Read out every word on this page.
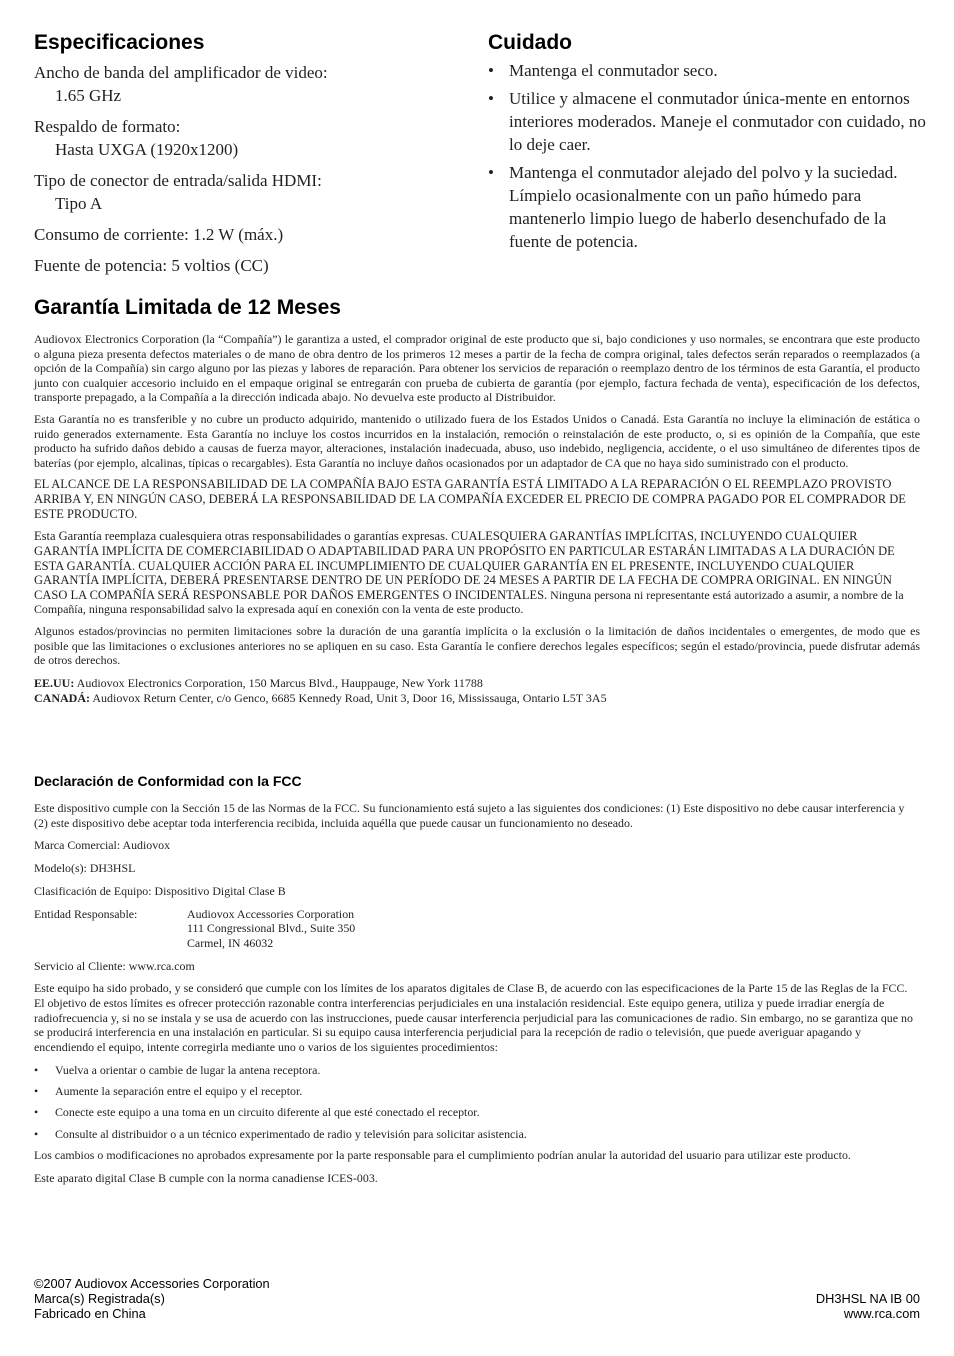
Especificaciones
Ancho de banda del amplificador de video:
1.65 GHz
Respaldo de formato:
Hasta UXGA (1920x1200)
Tipo de conector de entrada/salida HDMI:
Tipo A
Consumo de corriente: 1.2 W (máx.)
Fuente de potencia: 5 voltios (CC)
Cuidado
• Mantenga el conmutador seco.
• Utilice y almacene el conmutador única-mente en entornos interiores moderados. Maneje el conmutador con cuidado, no lo deje caer.
• Mantenga el conmutador alejado del polvo y la suciedad. Límpielo ocasionalmente con un paño húmedo para mantenerlo limpio luego de haberlo desenchufado de la fuente de potencia.
Garantía Limitada de 12 Meses
Audiovox Electronics Corporation (la “Compañía”) le garantiza a usted, el comprador original de este producto que si, bajo condiciones y uso normales, se encontrara que este producto o alguna pieza presenta defectos materiales o de mano de obra dentro de los primeros 12 meses a partir de la fecha de compra original, tales defectos serán reparados o reemplazados (a opción de la Compañía) sin cargo alguno por las piezas y labores de reparación. Para obtener los servicios de reparación o reemplazo dentro de los términos de esta Garantía, el producto junto con cualquier accesorio incluido en el empaque original se entregarán con prueba de cubierta de garantía (por ejemplo, factura fechada de venta), especificación de los defectos, transporte prepagado, a la Compañía a la dirección indicada abajo. No devuelva este producto al Distribuidor.
Esta Garantía no es transferible y no cubre un producto adquirido, mantenido o utilizado fuera de los Estados Unidos o Canadá. Esta Garantía no incluye la eliminación de estática o ruido generados externamente. Esta Garantía no incluye los costos incurridos en la instalación, remoción o reinstalación de este producto, o, si es opinión de la Compañía, que este producto ha sufrido daños debido a causas de fuerza mayor, alteraciones, instalación inadecuada, abuso, uso indebido, negligencia, accidente, o el uso simultáneo de diferentes tipos de baterías (por ejemplo, alcalinas, típicas o recargables). Esta Garantía no incluye daños ocasionados por un adaptador de CA que no haya sido suministrado con el producto.
EL ALCANCE DE LA RESPONSABILIDAD DE LA COMPAÑÍA BAJO ESTA GARANTÍA ESTÁ LIMITADO A LA REPARACIÓN O EL REEMPLAZO PROVISTO ARRIBA Y, EN NINGÚN CASO, DEBERÁ LA RESPONSABILIDAD DE LA COMPAÑÍA EXCEDER EL PRECIO DE COMPRA PAGADO POR EL COMPRADOR DE ESTE PRODUCTO.
Esta Garantía reemplaza cualesquiera otras responsabilidades o garantías expresas. CUALESQUIERA GARANTÍAS IMPLÍCITAS, INCLUYENDO CUALQUIER GARANTÍA IMPLÍCITA DE COMERCIABILIDAD O ADAPTABILIDAD PARA UN PROPÓSITO EN PARTICULAR ESTARÁN LIMITADAS A LA DURACIÓN DE ESTA GARANTÍA. CUALQUIER ACCIÓN PARA EL INCUMPLIMIENTO DE CUALQUIER GARANTÍA EN EL PRESENTE, INCLUYENDO CUALQUIER GARANTÍA IMPLÍCITA, DEBERÁ PRESENTARSE DENTRO DE UN PERÍODO DE 24 MESES A PARTIR DE LA FECHA DE COMPRA ORIGINAL. EN NINGÚN CASO LA COMPAÑÍA SERÁ RESPONSABLE POR DAÑOS EMERGENTES O INCIDENTALES. Ninguna persona ni representante está autorizado a asumir, a nombre de la Compañía, ninguna responsabilidad salvo la expresada aquí en conexión con la venta de este producto.
Algunos estados/provincias no permiten limitaciones sobre la duración de una garantía implícita o la exclusión o la limitación de daños incidentales o emergentes, de modo que es posible que las limitaciones o exclusiones anteriores no se apliquen en su caso. Esta Garantía le confiere derechos legales específicos; según el estado/provincia, puede disfrutar además de otros derechos.
EE.UU: Audiovox Electronics Corporation, 150 Marcus Blvd., Hauppauge, New York 11788
CANADÁ: Audiovox Return Center, c/o Genco, 6685 Kennedy Road, Unit 3, Door 16, Mississauga, Ontario L5T 3A5
Declaración de Conformidad con la FCC
Este dispositivo cumple con la Sección 15 de las Normas de la FCC. Su funcionamiento está sujeto a las siguientes dos condiciones: (1) Este dispositivo no debe causar interferencia y (2) este dispositivo debe aceptar toda interferencia recibida, incluida aquélla que puede causar un funcionamiento no deseado.
Marca Comercial: Audiovox
Modelo(s): DH3HSL
Clasificación de Equipo: Dispositivo Digital Clase B
Entidad Responsable:	Audiovox Accessories Corporation
111 Congressional Blvd., Suite 350
Carmel, IN 46032
Servicio al Cliente: www.rca.com
Este equipo ha sido probado, y se consideró que cumple con los límites de los aparatos digitales de Clase B, de acuerdo con las especificaciones de la Parte 15 de las Reglas de la FCC. El objetivo de estos límites es ofrecer protección razonable contra interferencias perjudiciales en una instalación residencial. Este equipo genera, utiliza y puede irradiar energía de radiofrecuencia y, si no se instala y se usa de acuerdo con las instrucciones, puede causar interferencia perjudicial para las comunicaciones de radio. Sin embargo, no se garantiza que no se producirá interferencia en una instalación en particular. Si su equipo causa interferencia perjudicial para la recepción de radio o televisión, que puede averiguar apagando y encendiendo el equipo, intente corregirla mediante uno o varios de los siguientes procedimientos:
• Vuelva a orientar o cambie de lugar la antena receptora.
• Aumente la separación entre el equipo y el receptor.
• Conecte este equipo a una toma en un circuito diferente al que esté conectado el receptor.
• Consulte al distribuidor o a un técnico experimentado de radio y televisión para solicitar asistencia.
Los cambios o modificaciones no aprobados expresamente por la parte responsable para el cumplimiento podrían anular la autoridad del usuario para utilizar este producto.
Este aparato digital Clase B cumple con la norma canadiense ICES-003.
©2007 Audiovox Accessories Corporation
Marca(s) Registrada(s)
Fabricado en China
DH3HSL NA IB 00
www.rca.com
